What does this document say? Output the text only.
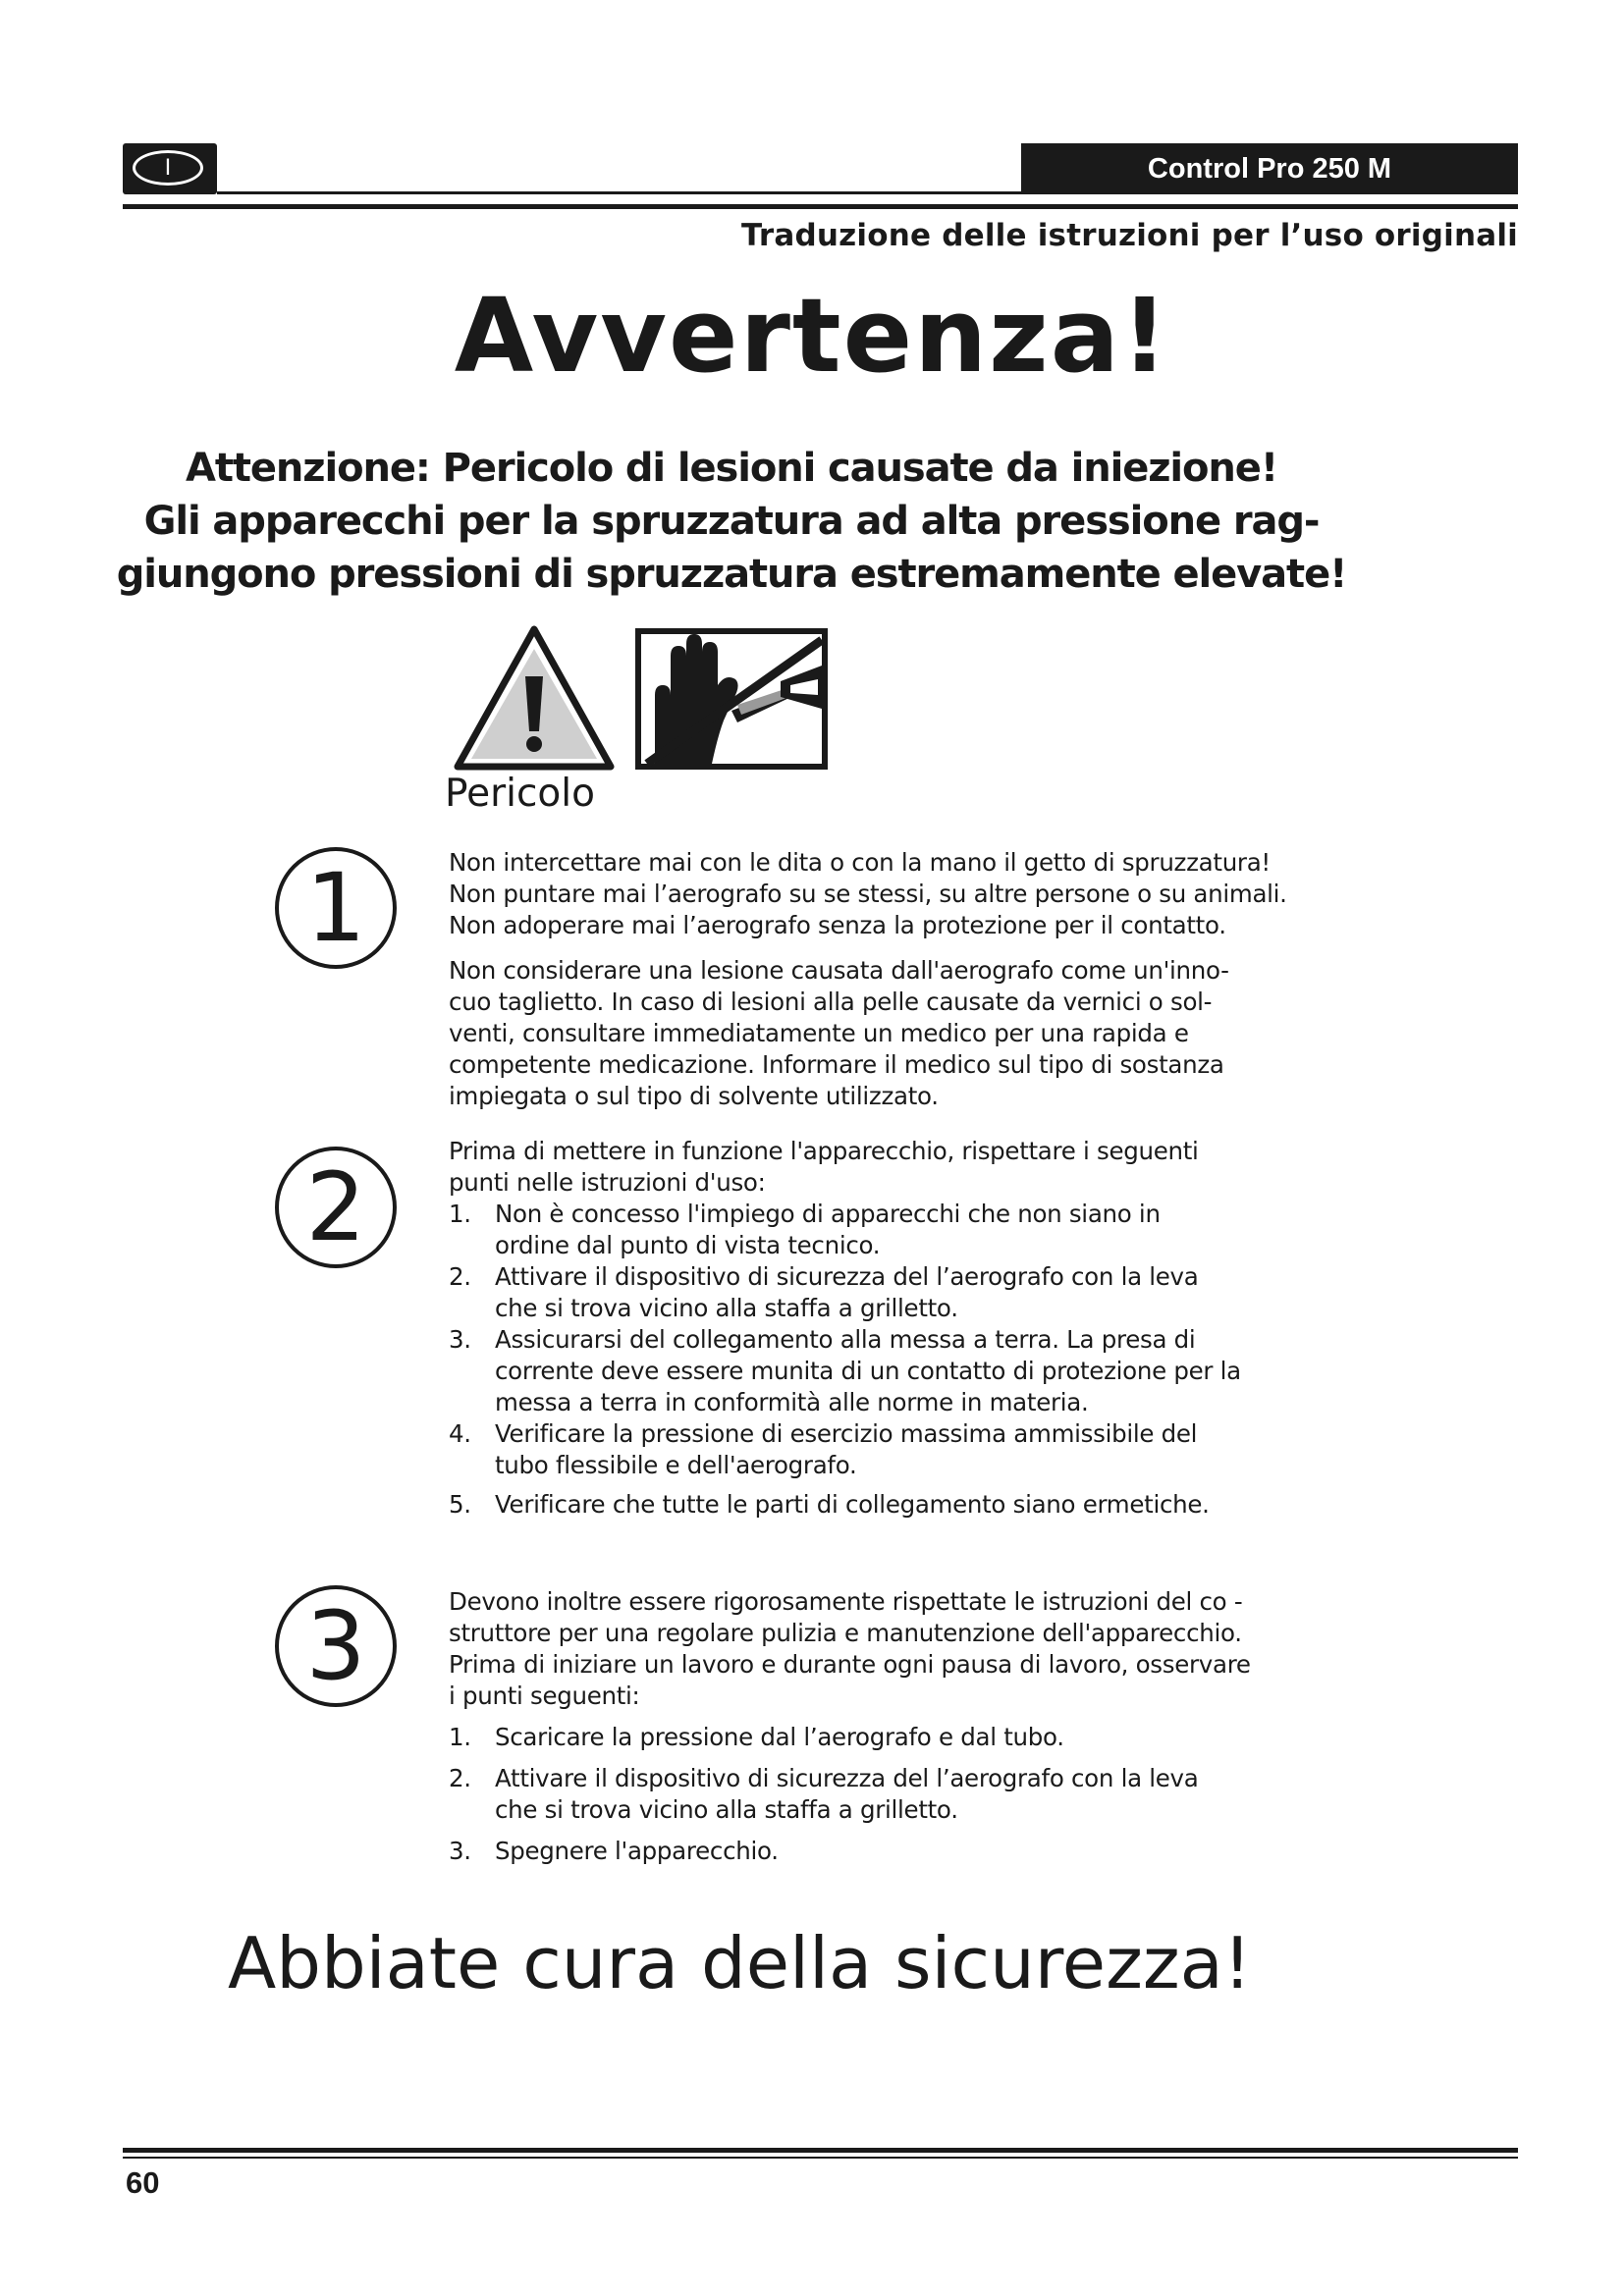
I	Control Pro 250 M
Traduzione delle istruzioni per l’uso originali
Avvertenza!
Attenzione: Pericolo di lesioni causate da iniezione!
Gli apparecchi per la spruzzatura ad alta pressione rag-
giungono pressioni di spruzzatura estremamente elevate!
Pericolo
1	Non intercettare mai con le dita o con la mano il getto di spruzzatura!

Non puntare mai l’aerografo su se stessi, su altre persone o su animali.

Non adoperare mai l’aerografo senza la protezione per il contatto.

Non considerare una lesione causata dall'aerografo come un'inno-

cuo taglietto. In caso di lesioni alla pelle causate da vernici o sol-

venti, consultare immediatamente un medico per una rapida e

competente medicazione. Informare il medico sul tipo di sostanza

impiegata o sul tipo di solvente utilizzato.

2

Prima di mettere in funzione l'apparecchio, rispettare i seguenti

punti nelle istruzioni d'uso:

1. Non è concesso l'impiego di apparecchi che non siano in
ordine dal punto di vista tecnico.
2. Attivare il dispositivo di sicurezza del l’aerografo con la leva
che si trova vicino alla staffa a grilletto.
3. Assicurarsi del collegamento alla messa a terra. La presa di
corrente deve essere munita di un contatto di protezione per la
messa a terra in conformità alle norme in materia.
4. Verificare la pressione di esercizio massima ammissibile del
tubo flessibile e dell'aerografo.
5. Verificare che tutte le parti di collegamento siano ermetiche.
3	Devono inoltre essere rigorosamente rispettate le istruzioni del co -

struttore per una regolare pulizia e manutenzione dell'apparecchio.

Prima di iniziare un lavoro e durante ogni pausa di lavoro, osservare

i punti seguenti:

1. Scaricare la pressione dal l’aerografo e dal tubo.
2. Attivare il dispositivo di sicurezza del l’aerografo con la leva
che si trova vicino alla staffa a grilletto.
3. Spegnere l'apparecchio.
Abbiate cura della sicurezza!
60
